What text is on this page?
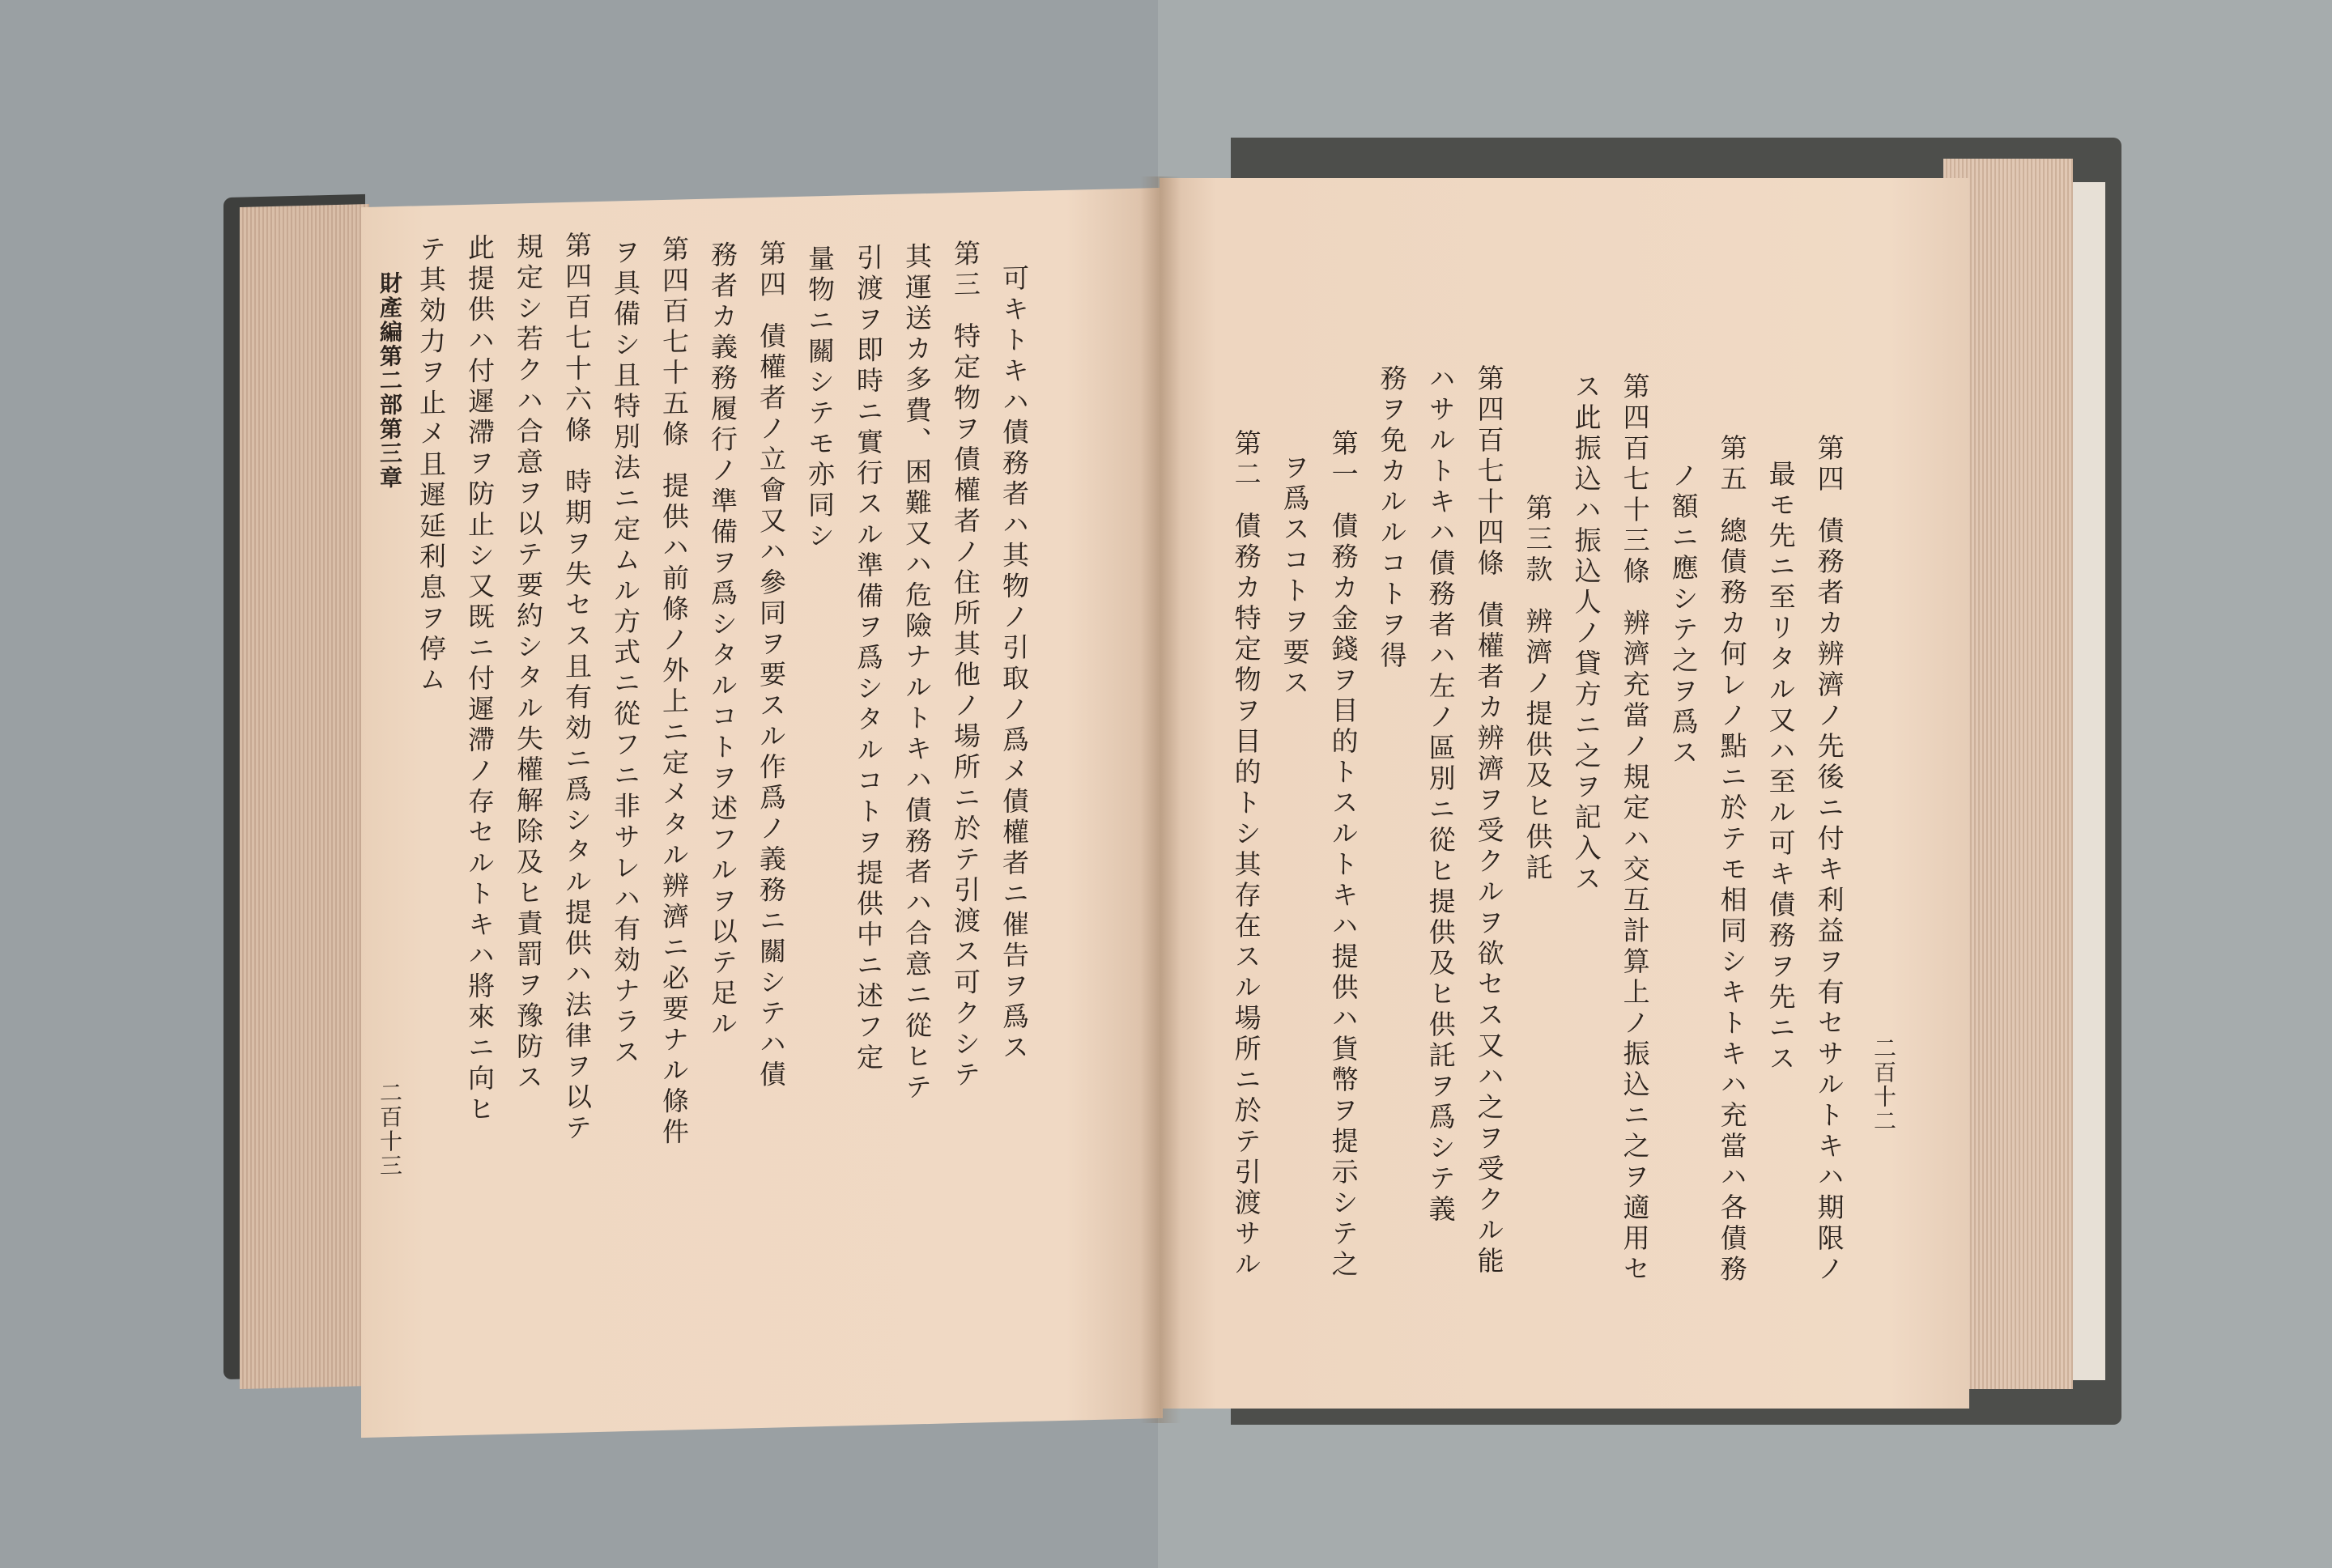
可キトキハ債務者ハ其物ノ引取ノ爲メ債權者ニ催告ヲ爲ス
第三特定物ヲ債權者ノ住所其他ノ場所ニ於テ引渡ス可クシテ
其運送カ多費、困難又ハ危險ナルトキハ債務者ハ合意ニ從ヒテ
引渡ヲ即時ニ實行スル準備ヲ爲シタルコトヲ提供中ニ述フ定
量物ニ關シテモ亦同シ
第四債權者ノ立會又ハ參同ヲ要スル作爲ノ義務ニ關シテハ債
務者カ義務履行ノ準備ヲ爲シタルコトヲ述フルヲ以テ足ル
第四百七十五條提供ハ前條ノ外上ニ定メタル辨濟ニ必要ナル條件
ヲ具備シ且特別法ニ定ムル方式ニ從フニ非サレハ有効ナラス
第四百七十六條時期ヲ失セス且有効ニ爲シタル提供ハ法律ヲ以テ
規定シ若クハ合意ヲ以テ要約シタル失權解除及ヒ責罰ヲ豫防ス
此提供ハ付遲滯ヲ防止シ又既ニ付遲滯ノ存セルトキハ將來ニ向ヒ
テ其効力ヲ止メ且遲延利息ヲ停ム
財產編第二部第三章
二百十三	二百十二
第四債務者カ辨濟ノ先後ニ付キ利益ヲ有セサルトキハ期限ノ
最モ先ニ至リタル又ハ至ル可キ債務ヲ先ニス
第五總債務カ何レノ點ニ於テモ相同シキトキハ充當ハ各債務
ノ額ニ應シテ之ヲ爲ス
第四百七十三條辨濟充當ノ規定ハ交互計算上ノ振込ニ之ヲ適用セ
ス此振込ハ振込人ノ貸方ニ之ヲ記入ス
第三款辨濟ノ提供及ヒ供託
第四百七十四條債權者カ辨濟ヲ受クルヲ欲セス又ハ之ヲ受クル能
ハサルトキハ債務者ハ左ノ區別ニ從ヒ提供及ヒ供託ヲ爲シテ義
務ヲ免カルルコトヲ得
第一債務カ金錢ヲ目的トスルトキハ提供ハ貨幣ヲ提示シテ之
ヲ爲スコトヲ要ス
第二債務カ特定物ヲ目的トシ其存在スル場所ニ於テ引渡サル
